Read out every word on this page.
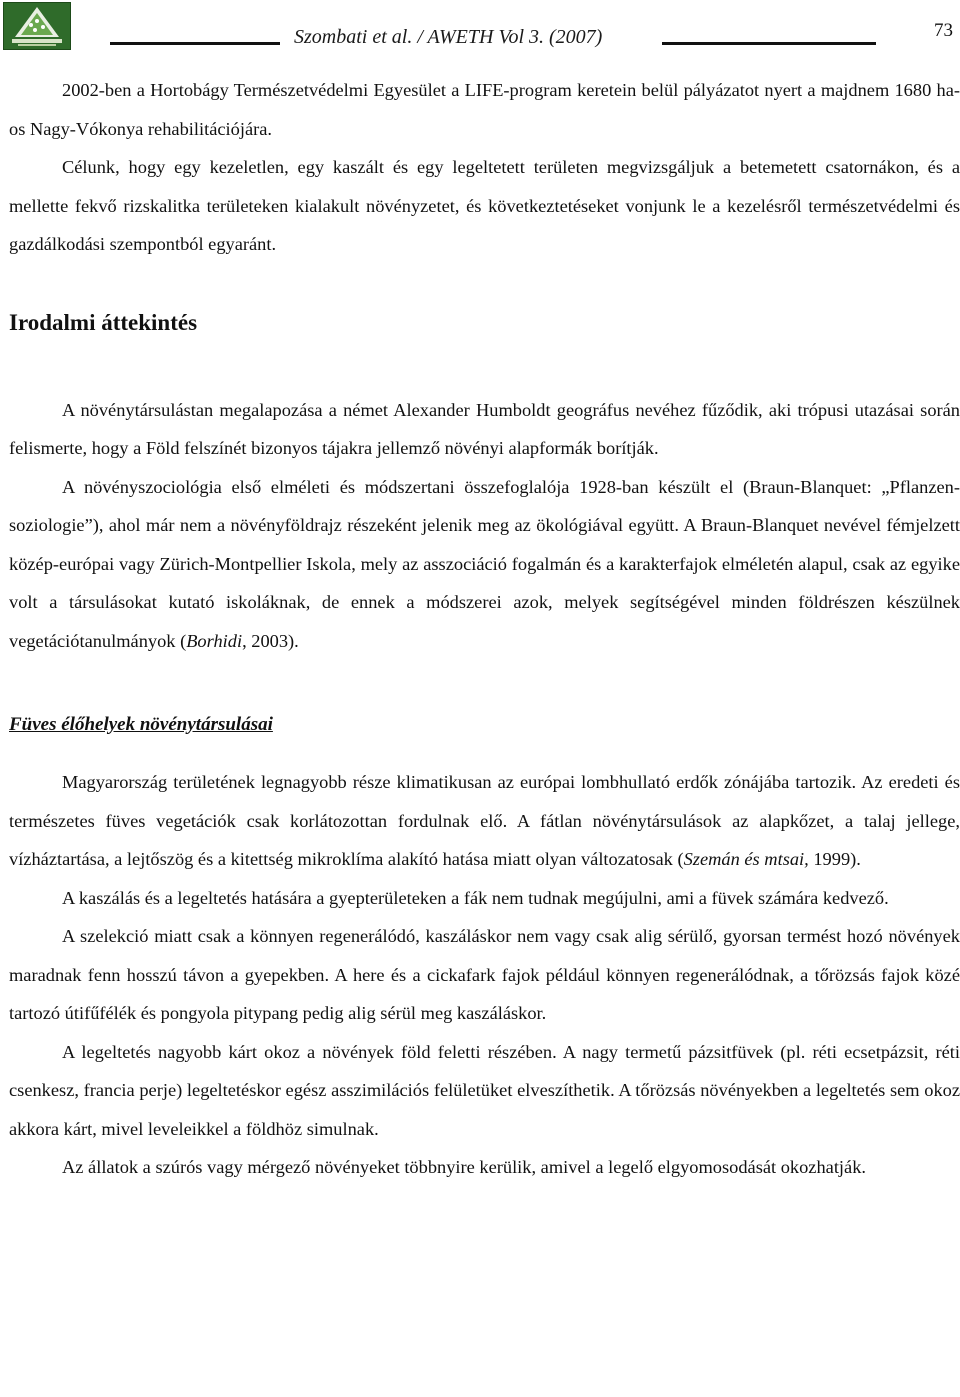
Szombati et al. / AWETH Vol 3. (2007)	73

2002-ben a Hortobágy Természetvédelmi Egyesület a LIFE-program keretein belül pályázatot nyert a majdnem 1680 ha-os Nagy-Vókonya rehabilitációjára.

Célunk, hogy egy kezeletlen, egy kaszált és egy legeltetett területen megvizsgáljuk a betemetett csatornákon, és a mellette fekvő rizskalitka területeken kialakult növényzetet, és következtetéseket vonjunk le a kezelésről természetvédelmi és gazdálkodási szempontból egyaránt.

Irodalmi áttekintés

A növénytársulástan megalapozása a német Alexander Humboldt geográfus nevéhez fűződik, aki trópusi utazásai során felismerte, hogy a Föld felszínét bizonyos tájakra jellemző növényi alapformák borítják.

A növényszociológia első elméleti és módszertani összefoglalója 1928-ban készült el (Braun-Blanquet: „Pflanzen-soziologie”), ahol már nem a növényföldrajz részeként jelenik meg az ökológiával együtt. A Braun-Blanquet nevével fémjelzett közép-európai vagy Zürich-Montpellier Iskola, mely az asszociáció fogalmán és a karakterfajok elméletén alapul, csak az egyike volt a társulásokat kutató iskoláknak, de ennek a módszerei azok, melyek segítségével minden földrészen készülnek vegetációtanulmányok (Borhidi, 2003).

Füves élőhelyek növénytársulásai

Magyarország területének legnagyobb része klimatikusan az európai lombhullató erdők zónájába tartozik. Az eredeti és természetes füves vegetációk csak korlátozottan fordulnak elő. A fátlan növénytársulások az alapkőzet, a talaj jellege, vízháztartása, a lejtőszög és a kitettség mikroklíma alakító hatása miatt olyan változatosak (Szemán és mtsai, 1999).

A kaszálás és a legeltetés hatására a gyepterületeken a fák nem tudnak megújulni, ami a füvek számára kedvező.

A szelekció miatt csak a könnyen regenerálódó, kaszáláskor nem vagy csak alig sérülő, gyorsan termést hozó növények maradnak fenn hosszú távon a gyepekben. A here és a cickafark fajok például könnyen regenerálódnak, a tőrözsás fajok közé tartozó útifűfélék és pongyola pitypang pedig alig sérül meg kaszáláskor.

A legeltetés nagyobb kárt okoz a növények föld feletti részében. A nagy termetű pázsitfüvek (pl. réti ecsetpázsit, réti csenkesz, francia perje) legeltetéskor egész asszimilációs felületüket elveszíthetik. A tőrözsás növényekben a legeltetés sem okoz akkora kárt, mivel leveleikkel a földhöz simulnak.

Az állatok a szúrós vagy mérgező növényeket többnyire kerülik, amivel a legelő elgyomosodását okozhatják.
